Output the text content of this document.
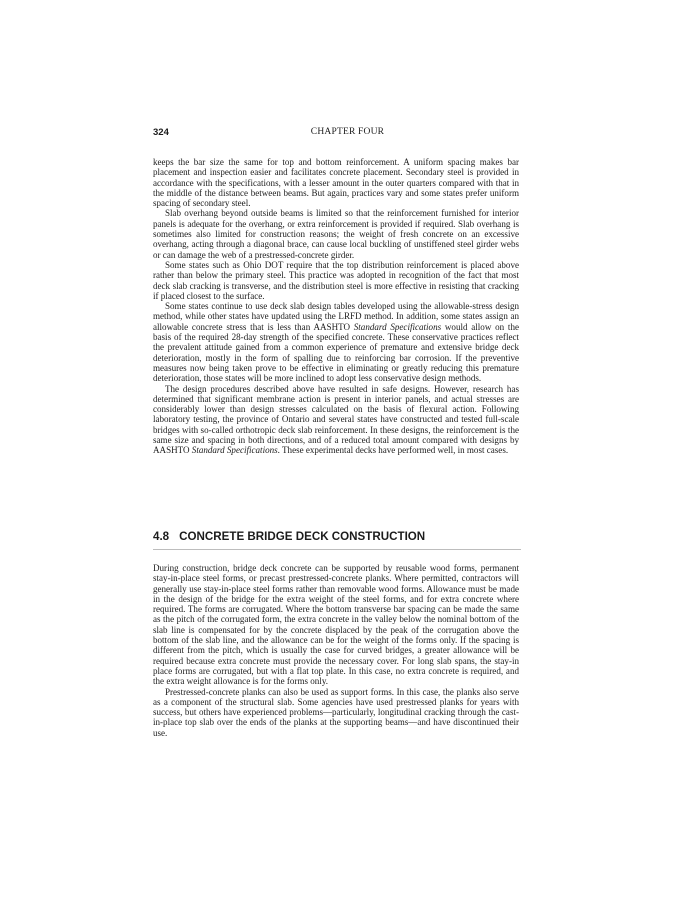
324	CHAPTER FOUR

keeps the bar size the same for top and bottom reinforcement. A uniform spacing makes bar placement and inspection easier and facilitates concrete placement. Secondary steel is provided in accordance with the specifications, with a lesser amount in the outer quarters compared with that in the middle of the distance between beams. But again, practices vary and some states prefer uniform spacing of secondary steel.

Slab overhang beyond outside beams is limited so that the reinforcement furnished for interior panels is adequate for the overhang, or extra reinforcement is provided if required. Slab overhang is sometimes also limited for construction reasons; the weight of fresh concrete on an excessive overhang, acting through a diagonal brace, can cause local buckling of unstiffened steel girder webs or can damage the web of a prestressed-concrete girder.

Some states such as Ohio DOT require that the top distribution reinforcement is placed above rather than below the primary steel. This practice was adopted in recognition of the fact that most deck slab cracking is transverse, and the distribution steel is more effective in resisting that cracking if placed closest to the surface.

Some states continue to use deck slab design tables developed using the allowable-stress design method, while other states have updated using the LRFD method. In addition, some states assign an allowable concrete stress that is less than AASHTO Standard Specifications would allow on the basis of the required 28-day strength of the specified concrete. These conservative practices reflect the prevalent attitude gained from a common experience of premature and extensive bridge deck deterioration, mostly in the form of spalling due to reinforcing bar corrosion. If the preventive measures now being taken prove to be effective in eliminating or greatly reducing this premature deterioration, those states will be more inclined to adopt less conservative design methods.

The design procedures described above have resulted in safe designs. However, research has determined that significant membrane action is present in interior panels, and actual stresses are considerably lower than design stresses calculated on the basis of flexural action. Following laboratory testing, the province of Ontario and several states have constructed and tested full-scale bridges with so-called orthotropic deck slab reinforcement. In these designs, the reinforcement is the same size and spacing in both directions, and of a reduced total amount compared with designs by AASHTO Standard Specifications. These experimental decks have performed well, in most cases.

4.8 CONCRETE BRIDGE DECK CONSTRUCTION

During construction, bridge deck concrete can be supported by reusable wood forms, permanent stay-in-place steel forms, or precast prestressed-concrete planks. Where permitted, contractors will generally use stay-in-place steel forms rather than removable wood forms. Allowance must be made in the design of the bridge for the extra weight of the steel forms, and for extra concrete where required. The forms are corrugated. Where the bottom transverse bar spacing can be made the same as the pitch of the corrugated form, the extra concrete in the valley below the nominal bottom of the slab line is compensated for by the concrete displaced by the peak of the corrugation above the bottom of the slab line, and the allowance can be for the weight of the forms only. If the spacing is different from the pitch, which is usually the case for curved bridges, a greater allowance will be required because extra concrete must provide the necessary cover. For long slab spans, the stay-in place forms are corrugated, but with a flat top plate. In this case, no extra concrete is required, and the extra weight allowance is for the forms only.

Prestressed-concrete planks can also be used as support forms. In this case, the planks also serve as a component of the structural slab. Some agencies have used prestressed planks for years with success, but others have experienced problems—particularly, longitudinal cracking through the cast-in-place top slab over the ends of the planks at the supporting beams—and have discontinued their use.
